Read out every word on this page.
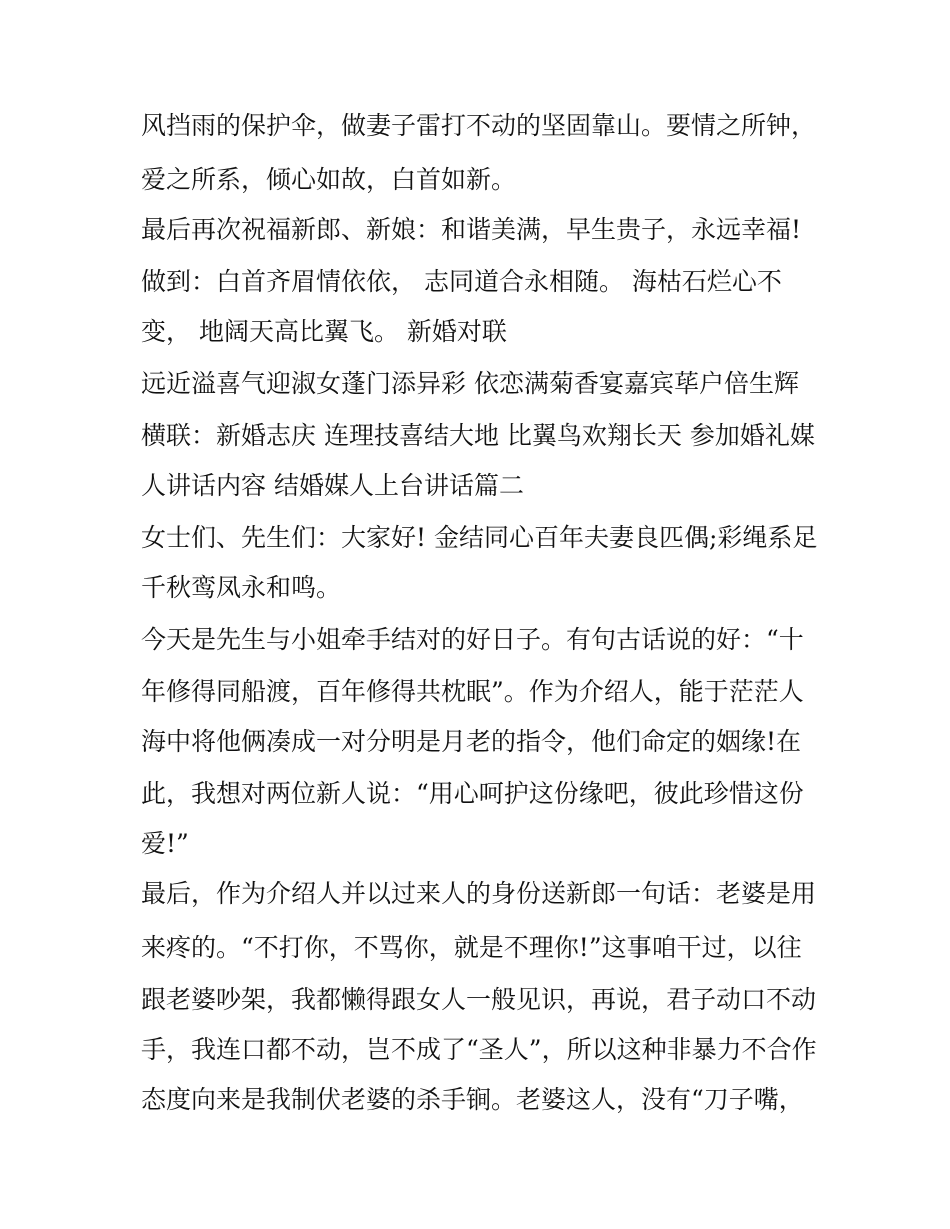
风挡雨的保护伞，做妻子雷打不动的坚固靠山。要情之所钟，
爱之所系，倾心如故，白首如新。
最后再次祝福新郎、新娘：和谐美满，早生贵子，永远幸福!
做到：白首齐眉情依依， 志同道合永相随。 海枯石烂心不
变， 地阔天高比翼飞。 新婚对联
远近溢喜气迎淑女蓬门添异彩 依恋满菊香宴嘉宾荜户倍生辉
横联：新婚志庆 连理技喜结大地 比翼鸟欢翔长天 参加婚礼媒
人讲话内容 结婚媒人上台讲话篇二
女士们、先生们：大家好! 金结同心百年夫妻良匹偶;彩绳系足
千秋鸾凤永和鸣。
今天是先生与小姐牵手结对的好日子。有句古话说的好：“十
年修得同船渡，百年修得共枕眠”。作为介绍人，能于茫茫人
海中将他俩凑成一对分明是月老的指令，他们命定的姻缘!在
此，我想对两位新人说：“用心呵护这份缘吧，彼此珍惜这份
爱!”
最后，作为介绍人并以过来人的身份送新郎一句话：老婆是用
来疼的。“不打你，不骂你，就是不理你!”这事咱干过，以往
跟老婆吵架，我都懒得跟女人一般见识，再说，君子动口不动
手，我连口都不动，岂不成了“圣人”，所以这种非暴力不合作
态度向来是我制伏老婆的杀手锏。老婆这人，没有“刀子嘴，
